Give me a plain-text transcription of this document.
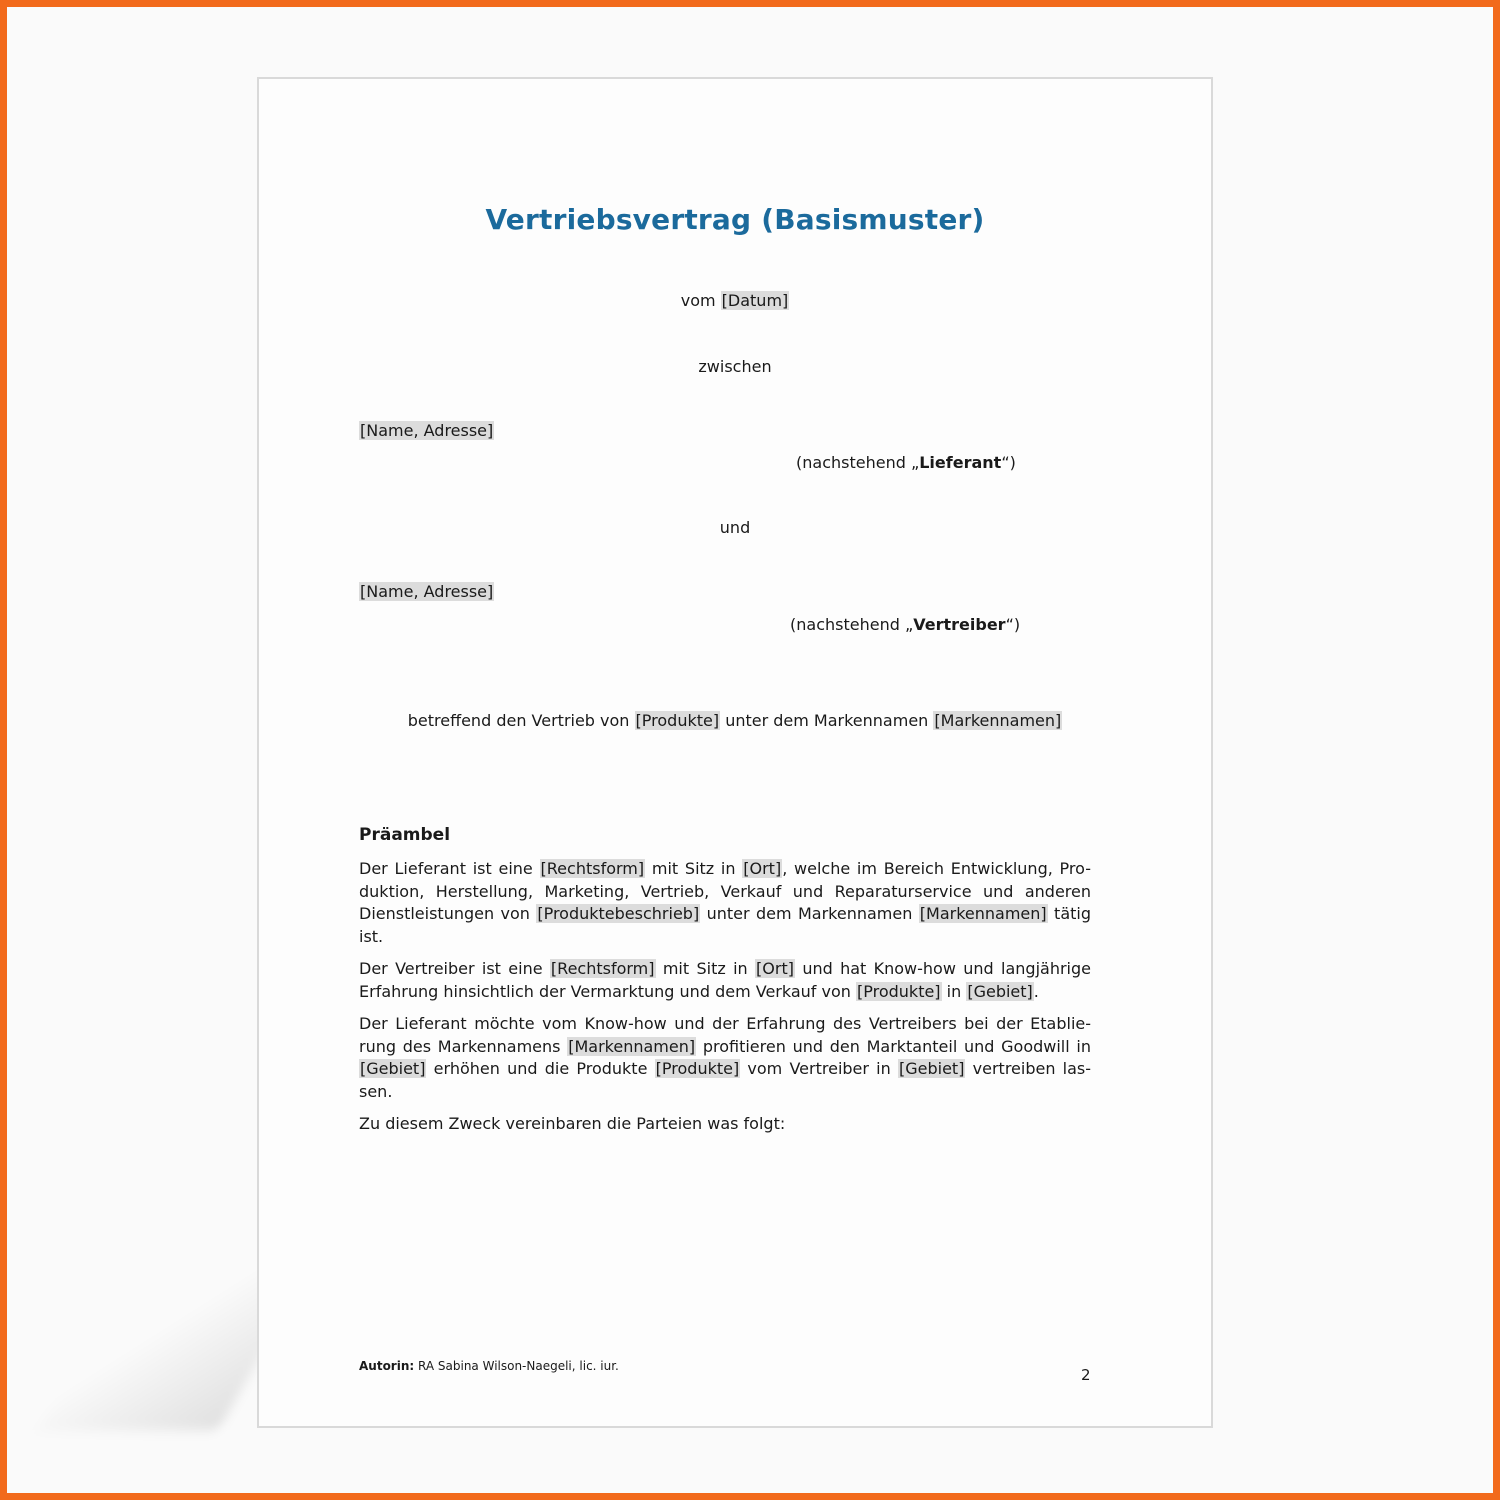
Vertriebsvertrag (Basismuster)
vom [Datum]
zwischen
[Name, Adresse]
(nachstehend „Lieferant“)
und
[Name, Adresse]
(nachstehend „Vertreiber“)
betreffend den Vertrieb von [Produkte] unter dem Markennamen [Markennamen]
Präambel

Der Lieferant ist eine [Rechtsform] mit Sitz in [Ort], welche im Bereich Entwicklung, Pro-duktion, Herstellung, Marketing, Vertrieb, Verkauf und Reparaturservice und anderen Dienstleistungen von [Produktebeschrieb] unter dem Markennamen [Markennamen] tätig ist.

Der Vertreiber ist eine [Rechtsform] mit Sitz in [Ort] und hat Know-how und langjährige Erfahrung hinsichtlich der Vermarktung und dem Verkauf von [Produkte] in [Gebiet].

Der Lieferant möchte vom Know-how und der Erfahrung des Vertreibers bei der Etablie-rung des Markennamens [Markennamen] profitieren und den Marktanteil und Goodwill in [Gebiet] erhöhen und die Produkte [Produkte] vom Vertreiber in [Gebiet] vertreiben las-sen.

Zu diesem Zweck vereinbaren die Parteien was folgt:

Autorin: RA Sabina Wilson-Naegeli, lic. iur.	2
